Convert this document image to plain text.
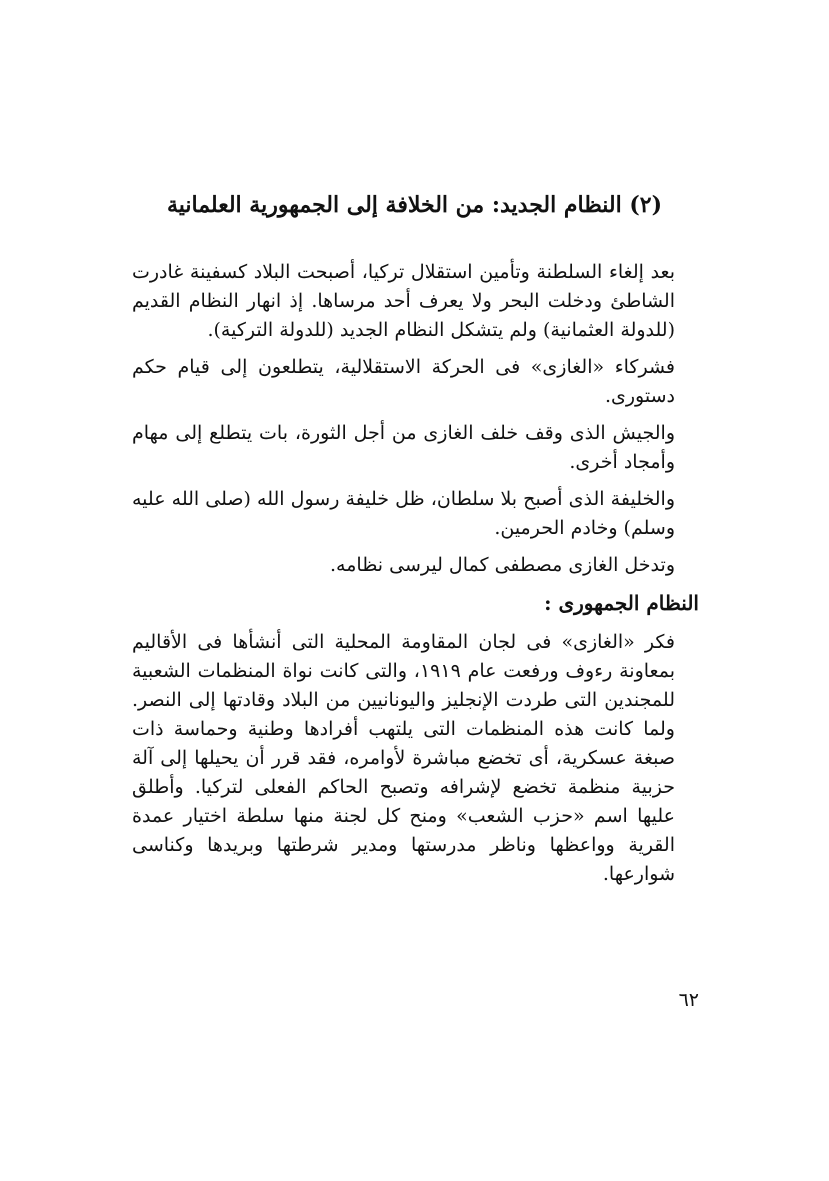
(٢) النظام الجديد: من الخلافة إلى الجمهورية العلمانية

بعد إلغاء السلطنة وتأمين استقلال تركيا، أصبحت البلاد كسفينة غادرت الشاطئ ودخلت البحر ولا يعرف أحد مرساها. إذ انهار النظام القديم (للدولة العثمانية) ولم يتشكل النظام الجديد (للدولة التركية).

فشركاء «الغازى» فى الحركة الاستقلالية، يتطلعون إلى قيام حكم دستورى.

والجيش الذى وقف خلف الغازى من أجل الثورة، بات يتطلع إلى مهام وأمجاد أخرى.

والخليفة الذى أصبح بلا سلطان، ظل خليفة رسول الله (صلى الله عليه وسلم) وخادم الحرمين.

وتدخل الغازى مصطفى كمال ليرسى نظامه.

النظام الجمهورى :

فكر «الغازى» فى لجان المقاومة المحلية التى أنشأها فى الأقاليم بمعاونة رءوف ورفعت عام ١٩١٩، والتى كانت نواة المنظمات الشعبية للمجندين التى طردت الإنجليز واليونانيين من البلاد وقادتها إلى النصر. ولما كانت هذه المنظمات التى يلتهب أفرادها وطنية وحماسة ذات صبغة عسكرية، أى تخضع مباشرة لأوامره، فقد قرر أن يحيلها إلى آلة حزبية منظمة تخضع لإشرافه وتصبح الحاكم الفعلى لتركيا. وأطلق عليها اسم «حزب الشعب» ومنح كل لجنة منها سلطة اختيار عمدة القرية وواعظها وناظر مدرستها ومدير شرطتها وبريدها وكناسى شوارعها.

٦٢
